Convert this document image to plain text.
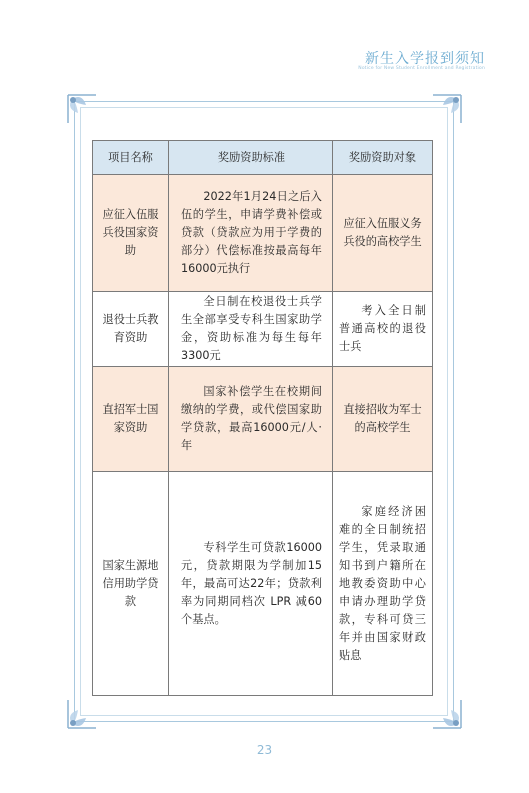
新生入学报到须知
Notice for New Student Enrollment and Registration
项目名称	奖励资助标准	奖励资助对象
应征入伍服兵役国家资助	2022年1月24日之后入伍的学生，申请学费补偿或贷款（贷款应为用于学费的部分）代偿标准按最高每年16000元执行	应征入伍服义务兵役的高校学生
退役士兵教育资助	全日制在校退役士兵学生全部享受专科生国家助学金，资助标准为每生每年3300元	考入全日制普通高校的退役士兵
直招军士国家资助	国家补偿学生在校期间缴纳的学费，或代偿国家助学贷款，最高16000元/人·年	直接招收为军士的高校学生
国家生源地信用助学贷款	专科学生可贷款16000元，贷款期限为学制加15年，最高可达22年；贷款利率为同期同档次 LPR 减60个基点。	家庭经济困难的全日制统招学生，凭录取通知书到户籍所在地教委资助中心申请办理助学贷款，专科可贷三年并由国家财政贴息
23
